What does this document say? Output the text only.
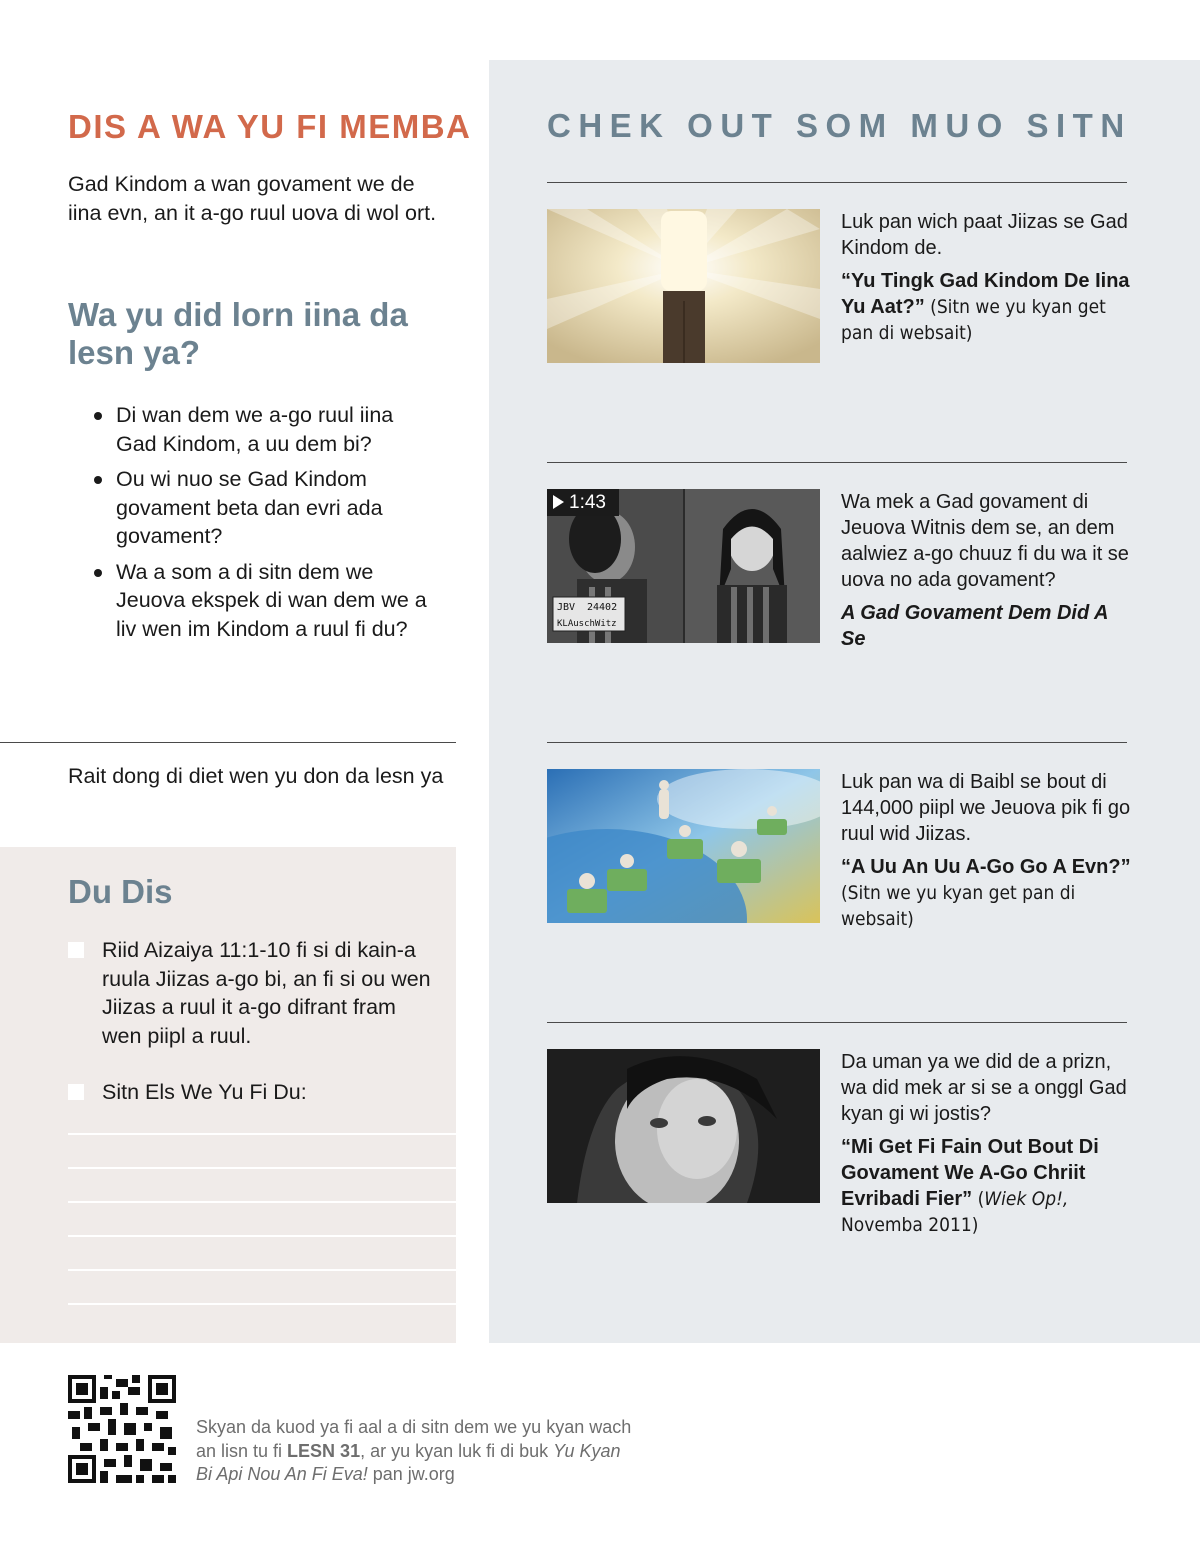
DIS A WA YU FI MEMBA

Gad Kindom a wan govament we de iina evn, an it a-go ruul uova di wol ort.

Wa yu did lorn iina da lesn ya?
Di wan dem we a-go ruul iina Gad Kindom, a uu dem bi?
Ou wi nuo se Gad Kindom govament beta dan evri ada govament?
Wa a som a di sitn dem we Jeuova ekspek di wan dem we a liv wen im Kindom a ruul fi du?

Rait dong di diet wen yu don da lesn ya

Du Dis
Riid Aizaiya 11:1-10 fi si di kain-a ruula Jiizas a-go bi, an fi si ou wen Jiizas a ruul it a-go difrant fram wen piipl a ruul.
Sitn Els We Yu Fi Du:
CHEK OUT SOM MUO SITN

Luk pan wich paat Jiizas se Gad Kindom de.

“Yu Tingk Gad Kindom De Iina Yu Aat?” (Sitn we yu kyan get pan di websait)

JBV 24402
KLAuschWitz
1:43	Wa mek a Gad govament di Jeuova Witnis dem se, an dem aalwiez a-go chuuz fi du wa it se uova no ada govament?

A Gad Govament Dem Did A Se

Luk pan wa di Baibl se bout di 144,000 piipl we Jeuova pik fi go ruul wid Jiizas.

“A Uu An Uu A-Go Go A Evn?”
(Sitn we yu kyan get pan di websait)

Da uman ya we did de a prizn, wa did mek ar si se a onggl Gad kyan gi wi jostis?

“Mi Get Fi Fain Out Bout Di Govament We A-Go Chriit Evribadi Fier” (Wiek Op!,
Novemba 2011)

Skyan da kuod ya fi aal a di sitn dem we yu kyan wach an lisn tu fi LESN 31, ar yu kyan luk fi di buk Yu Kyan Bi Api Nou An Fi Eva! pan jw.org
